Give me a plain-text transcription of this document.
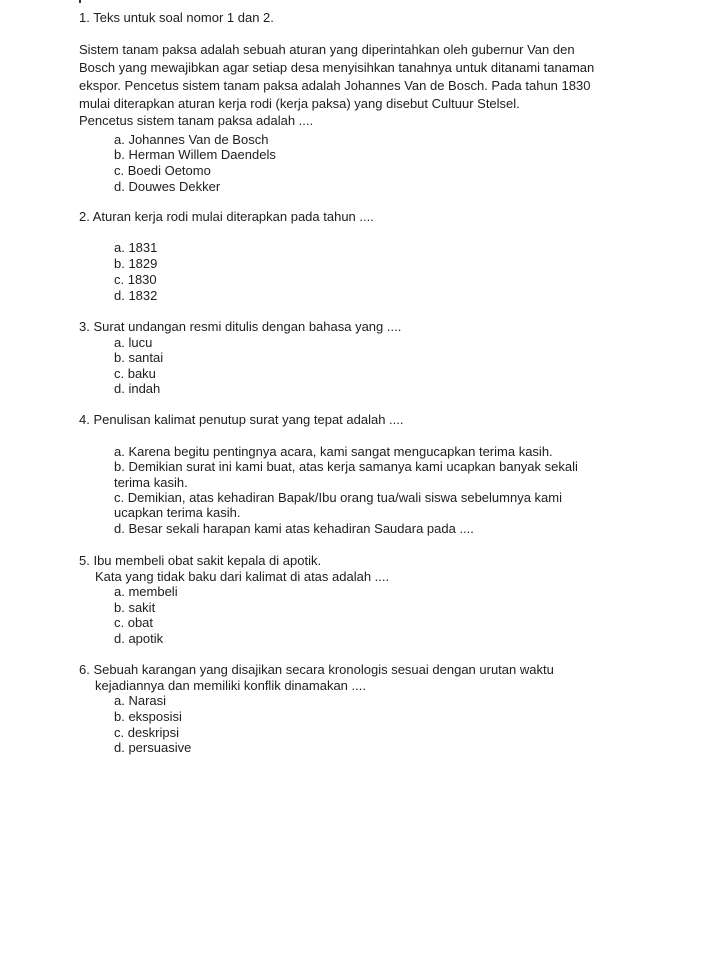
1. Teks untuk soal nomor 1 dan 2.
Sistem tanam paksa adalah sebuah aturan yang diperintahkan oleh gubernur Van den
Bosch yang mewajibkan agar setiap desa menyisihkan tanahnya untuk ditanami tanaman
ekspor. Pencetus sistem tanam paksa adalah Johannes Van de Bosch. Pada tahun 1830
mulai diterapkan aturan kerja rodi (kerja paksa) yang disebut Cultuur Stelsel.
Pencetus sistem tanam paksa adalah ....
a. Johannes Van de Bosch
b. Herman Willem Daendels
c. Boedi Oetomo
d. Douwes Dekker
2. Aturan kerja rodi mulai diterapkan pada tahun ....
a. 1831
b. 1829
c. 1830
d. 1832
3. Surat undangan resmi ditulis dengan bahasa yang ....
a. lucu
b. santai
c. baku
d. indah
4. Penulisan kalimat penutup surat yang tepat adalah ....
a. Karena begitu pentingnya acara, kami sangat mengucapkan terima kasih.
b. Demikian surat ini kami buat, atas kerja samanya kami ucapkan banyak sekali
terima kasih.
c. Demikian, atas kehadiran Bapak/Ibu orang tua/wali siswa sebelumnya kami
ucapkan terima kasih.
d. Besar sekali harapan kami atas kehadiran Saudara pada ....
5. Ibu membeli obat sakit kepala di apotik.
Kata yang tidak baku dari kalimat di atas adalah ....
a. membeli
b. sakit
c. obat
d. apotik
6. Sebuah karangan yang disajikan secara kronologis sesuai dengan urutan waktu
kejadiannya dan memiliki konflik dinamakan ....
a. Narasi
b. eksposisi
c. deskripsi
d. persuasive
